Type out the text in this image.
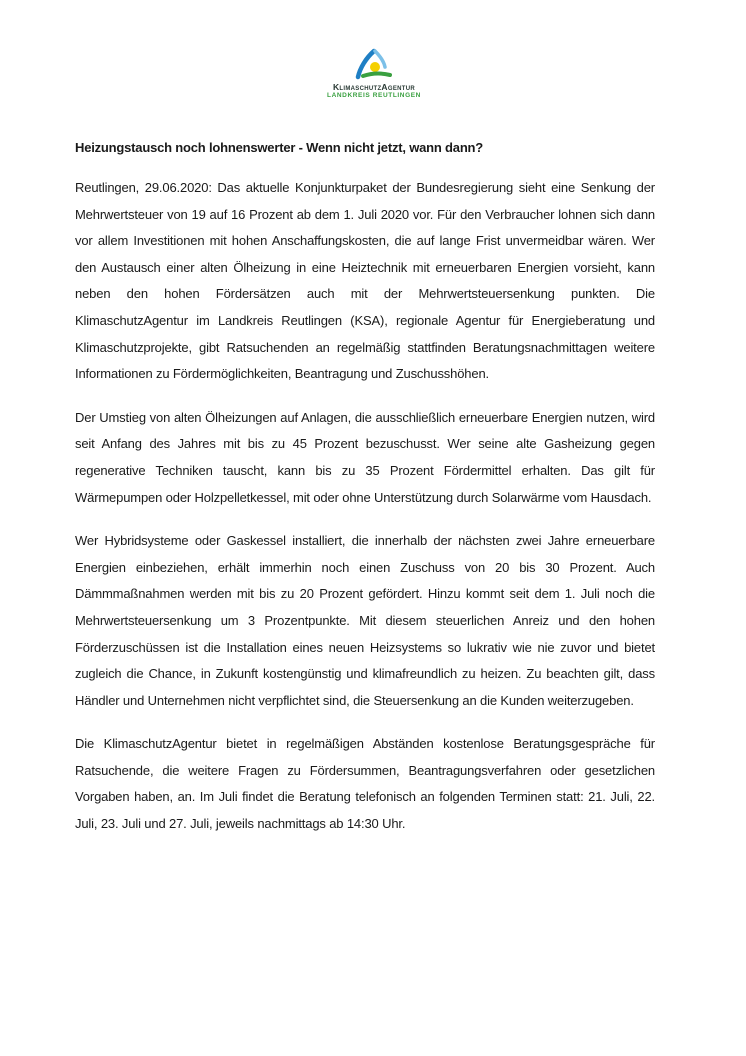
KlimaschutzAgentur
LANDKREIS REUTLINGEN
Heizungstausch noch lohnenswerter - Wenn nicht jetzt, wann dann?

Reutlingen, 29.06.2020: Das aktuelle Konjunkturpaket der Bundesregierung sieht eine Senkung der Mehrwertsteuer von 19 auf 16 Prozent ab dem 1. Juli 2020 vor. Für den Verbraucher lohnen sich dann vor allem Investitionen mit hohen Anschaffungskosten, die auf lange Frist unvermeidbar wären. Wer den Austausch einer alten Ölheizung in eine Heiztechnik mit erneuerbaren Energien vorsieht, kann neben den hohen Fördersätzen auch mit der Mehrwertsteuersenkung punkten. Die KlimaschutzAgentur im Landkreis Reutlingen (KSA), regionale Agentur für Energieberatung und Klimaschutzprojekte, gibt Ratsuchenden an regelmäßig stattfinden Beratungsnachmittagen weitere Informationen zu Fördermöglichkeiten, Beantragung und Zuschusshöhen.

Der Umstieg von alten Ölheizungen auf Anlagen, die ausschließlich erneuerbare Energien nutzen, wird seit Anfang des Jahres mit bis zu 45 Prozent bezuschusst. Wer seine alte Gasheizung gegen regenerative Techniken tauscht, kann bis zu 35 Prozent Fördermittel erhalten. Das gilt für Wärmepumpen oder Holzpelletkessel, mit oder ohne Unterstützung durch Solarwärme vom Hausdach.

Wer Hybridsysteme oder Gaskessel installiert, die innerhalb der nächsten zwei Jahre erneuerbare Energien einbeziehen, erhält immerhin noch einen Zuschuss von 20 bis 30 Prozent. Auch Dämmmaßnahmen werden mit bis zu 20 Prozent gefördert. Hinzu kommt seit dem 1. Juli noch die Mehrwertsteuersenkung um 3 Prozentpunkte. Mit diesem steuerlichen Anreiz und den hohen Förderzuschüssen ist die Installation eines neuen Heizsystems so lukrativ wie nie zuvor und bietet zugleich die Chance, in Zukunft kostengünstig und klimafreundlich zu heizen. Zu beachten gilt, dass Händler und Unternehmen nicht verpflichtet sind, die Steuersenkung an die Kunden weiterzugeben.

Die KlimaschutzAgentur bietet in regelmäßigen Abständen kostenlose Beratungsgespräche für Ratsuchende, die weitere Fragen zu Fördersummen, Beantragungsverfahren oder gesetzlichen Vorgaben haben, an. Im Juli findet die Beratung telefonisch an folgenden Terminen statt: 21. Juli, 22. Juli, 23. Juli und 27. Juli, jeweils nachmittags ab 14:30 Uhr.
